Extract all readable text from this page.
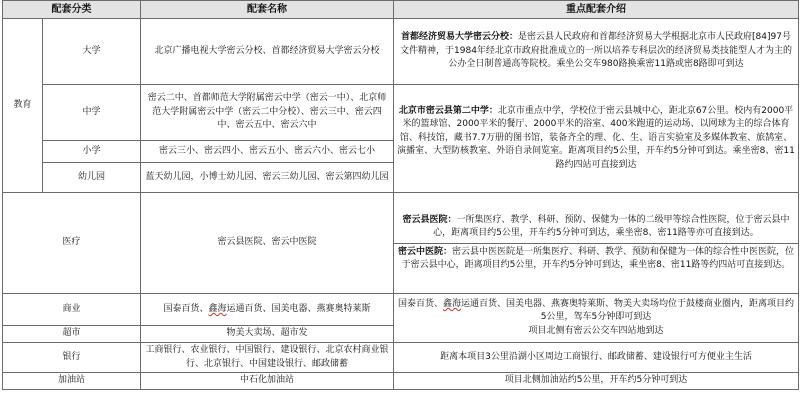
配套分类		配套名称	重点配套介绍
教育	大学	北京广播电视大学密云分校、首都经济贸易大学密云分校	首都经济贸易大学密云分校：是密云县人民政府和首都经济贸易大学根据北京市人民政府[84]97号文件精神，于1984年经北京市政府批准成立的一所以培养专科层次的经济贸易类技能型人才为主的公办全日制普通高等院校。乘坐公交车980路换乘密11路或密8路即可到达
	中学	密云二中、首都师范大学附属密云中学（密云一中）、北京师范大学附属密云中学（密云二中分校）、密云三中、密云四中、密云五中、密云六中	北京市密云县第二中学：北京市重点中学，学校位于密云县城中心，距北京67公里。校内有2000平米的篮球馆、2000平米的餐厅、2000平米的浴室、400米跑道的运动场、以网球为主的综合体育馆、科技馆，藏书7.7万册的图书馆，装备齐全的理、化、生、语言实验室及多媒体教室、旅鹄室、演播室、大型防核教室、外语自录间览室。距离项目约5公里，开车约5分钟可到达。乘坐密8、密11路约四站可直接到达
	小学	密云三小、密云四小、密云五小、密云六小、密云七小	
	幼儿园	蓝天幼儿园，小博士幼儿园、密云三幼儿园、密云第四幼儿园	
医疗		密云县医院、密云中医院	密云县医院：一所集医疗、教学、科研、预防、保健为一体的二级甲等综合性医院，位于密云县中心，距离项目约5公里，开车约5分钟可到达，乘坐密8、密11路等亦可直接到达。
密云中医院：密云县中医医院是一所集医疗、科研、教学、预防和保健为一体的综合性中医医院，位于密云县中心，距离项目约5公里，开车约5分钟可到达，乘坐密8、密11路等约四站可直接到达。

商业		国泰百货、鑫海运通百货、国美电器、燕赛奥特莱斯	国泰百货、鑫海运通百货、国美电器、燕赛奥特莱斯、物美大卖场均位于鼓楼商业圈内，距离项目约5公里，驾车5分钟即可到达
项目北侧有密云公交车四站地到达
超市		物美大卖场、超市发	
银行		工商银行、农业银行、中国银行、建设银行、北京农村商业银行、北京银行、中国建设银行、邮政储蓄	距离本项目3公里沿湖小区周边工商银行、邮政储蓄、建设银行可方便业主生活
加油站		中石化加油站	项目北侧加油站约5公里，开车约5分钟可到达
